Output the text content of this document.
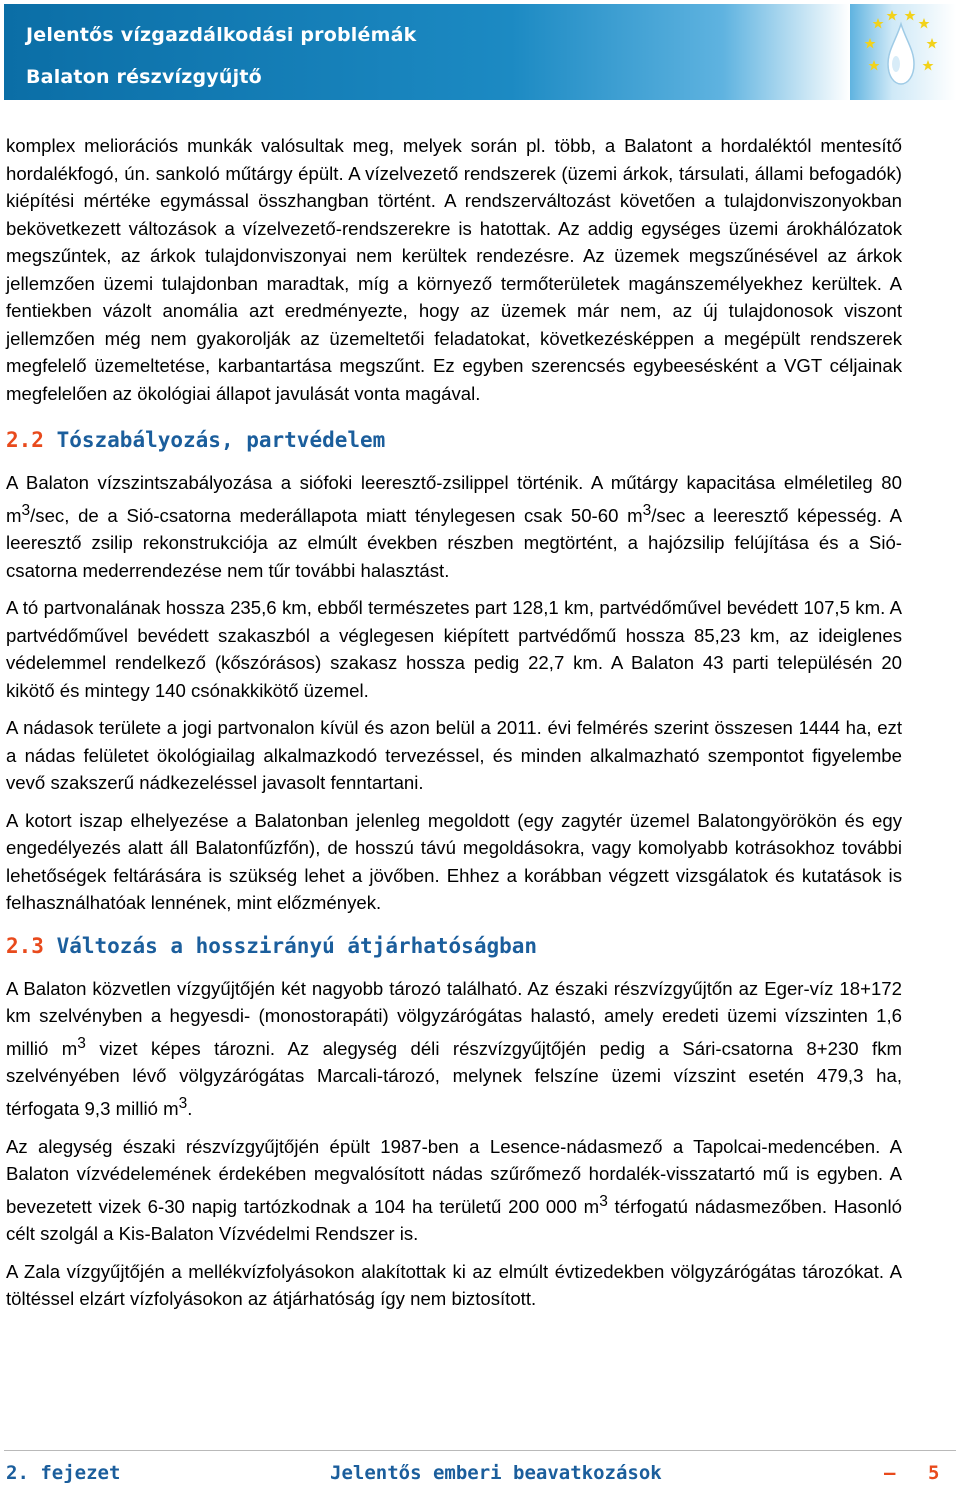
Jelentős vízgazdálkodási problémák
Balaton részvízgyűjtő

komplex meliorációs munkák valósultak meg, melyek során pl. több, a Balatont a hordaléktól mentesítő hordalékfogó, ún. sankoló műtárgy épült. A vízelvezető rendszerek (üzemi árkok, társulati, állami befogadók) kiépítési mértéke egymással összhangban történt. A rendszerváltozást követően a tulajdonviszonyokban bekövetkezett változások a vízelvezető-rendszerekre is hatottak. Az addig egységes üzemi árokhálózatok megszűntek, az árkok tulajdonviszonyai nem kerültek rendezésre. Az üzemek megszűnésével az árkok jellemzően üzemi tulajdonban maradtak, míg a környező termőterületek magánszemélyekhez kerültek. A fentiekben vázolt anomália azt eredményezte, hogy az üzemek már nem, az új tulajdonosok viszont jellemzően még nem gyakorolják az üzemeltetői feladatokat, következésképpen a megépült rendszerek megfelelő üzemeltetése, karbantartása megszűnt. Ez egyben szerencsés egybeesésként a VGT céljainak megfelelően az ökológiai állapot javulását vonta magával.

2.2 Tószabályozás, partvédelem

A Balaton vízszintszabályozása a siófoki leeresztő-zsilippel történik. A műtárgy kapacitása elméletileg 80 $m^3/\sec$, de a Sió-csatorna mederállapota miatt ténylegesen csak 50-60 $m^3/\sec$ a leeresztő képesség. A leeresztő zsilip rekonstrukciója az elmúlt években részben megtörtént, a hajózsilip felújítása és a Sió-csatorna mederrendezése nem tűr további halasztást.

A tó partvonalának hossza 235,6 km, ebből természetes part 128,1 km, partvédőművel bevédett 107,5 km. A partvédőművel bevédett szakaszból a véglegesen kiépített partvédőmű hossza 85,23 km, az ideiglenes védelemmel rendelkező (kőszórásos) szakasz hossza pedig 22,7 km. A Balaton 43 parti településén 20 kikötő és mintegy 140 csónakkikötő üzemel.

A nádasok területe a jogi partvonalon kívül és azon belül a 2011. évi felmérés szerint összesen 1444 ha, ezt a nádas felületet ökológiailag alkalmazkodó tervezéssel, és minden alkalmazható szempontot figyelembe vevő szakszerű nádkezeléssel javasolt fenntartani.

A kotort iszap elhelyezése a Balatonban jelenleg megoldott (egy zagytér üzemel Balatongyörökön és egy engedélyezés alatt áll Balatonfűzfőn), de hosszú távú megoldásokra, vagy komolyabb kotrásokhoz további lehetőségek feltárására is szükség lehet a jövőben. Ehhez a korábban végzett vizsgálatok és kutatások is felhasználhatóak lennének, mint előzmények.

2.3 Változás a hosszirányú átjárhatóságban

A Balaton közvetlen vízgyűjtőjén két nagyobb tározó található. Az északi részvízgyűjtőn az Eger-víz 18+172 km szelvényben a hegyesdi- (monostorapáti) völgyzárógátas halastó, amely eredeti üzemi vízszinten 1,6 millió $m^3$ vizet képes tározni. Az alegység déli részvízgyűjtőjén pedig a Sári-csatorna 8+230 fkm szelvényében lévő völgyzárógátas Marcali-tározó, melynek felszíne üzemi vízszint esetén 479,3 ha, térfogata 9,3 millió $m^3$.

Az alegység északi részvízgyűjtőjén épült 1987-ben a Lesence-nádasmező a Tapolcai-medencében. A Balaton vízvédelemének érdekében megvalósított nádas szűrőmező hordalék-visszatartó mű is egyben. A bevezetett vizek 6-30 napig tartózkodnak a 104 ha területű 200 000 $m^3$ térfogatú nádasmezőben. Hasonló célt szolgál a Kis-Balaton Vízvédelmi Rendszer is.

A Zala vízgyűjtőjén a mellékvízfolyásokon alakítottak ki az elmúlt évtizedekben völgyzárógátas tározókat. A töltéssel elzárt vízfolyásokon az átjárhatóság így nem biztosított.

2. fejezet	Jelentős emberi beavatkozások	— 5
